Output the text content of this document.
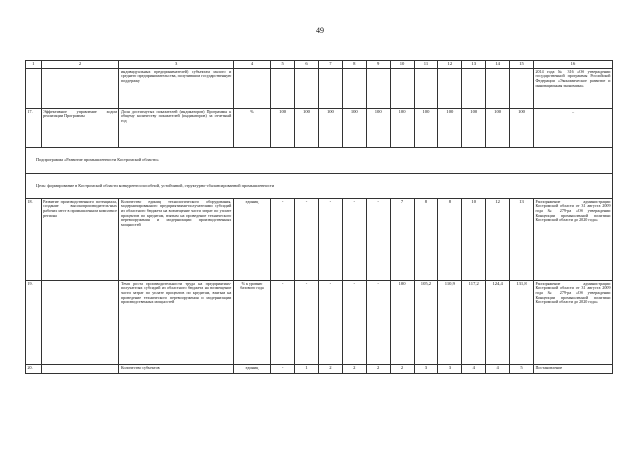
49
1	2	3	4	5	6	7	8	9	10	11	12	13	14	15	16
		индивидуальных предпринимателей) субъектам малого и среднего предпринимательства, получившим государственную поддержку													2014 года № 316 «Об утверждении государственной программы Российской Федерации «Экономическое развитие и инновационная экономика»
17.	Эффективное управление ходом реализации Программы	Доля достигнутых показателей (индикаторов) Программы к общему количеству показателей (индикаторов) за отчетный год	%	100	100	100	100	100	100	100	100	100	100	100	–
Подпрограмма «Развитие промышленности Костромской области»															
Цель: формирование в Костромской области конкурентоспособной, устойчивой, структурно-сбалансированной промышленности															
18.	Развитие производственного потенциала, создание высокопроизводитель-ных рабочих мест в промышленном комплексе региона	Количество единиц технологического оборудования, модернизированного предприятиями-получателями субсидий из областного бюджета на возмещение части затрат по уплате процентов по кредитам, взятым на проведение технического перевооружения и модернизации производственных мощностей	единиц	-	-	-	-	-	7	8	8	10	12	13	Распоряжение администрации Костромской области от 31 августа 2009 года № 279-ра «Об утверждении Концепции промышленной политики Костромской области до 2020 года»
19.		Темп роста производительности труда на предприятиях-получателях субсидий из областного бюджета на возмещение части затрат по уплате процентов по кредитам, взятым на проведение технического перевооружения и модернизации производственных мощностей	% к уровню базового года	-	-	-	-	-	100	105,2	110,9	117,2	124,4	131,8	Распоряжение администрации Костромской области от 31 августа 2009 года № 279-ра «Об утверждении Концепции промышленной политики Костромской области до 2020 года»
20.		Количество субъектов	единиц	-	1	2	2	2	2	3	3	4	4	5	Постановление
